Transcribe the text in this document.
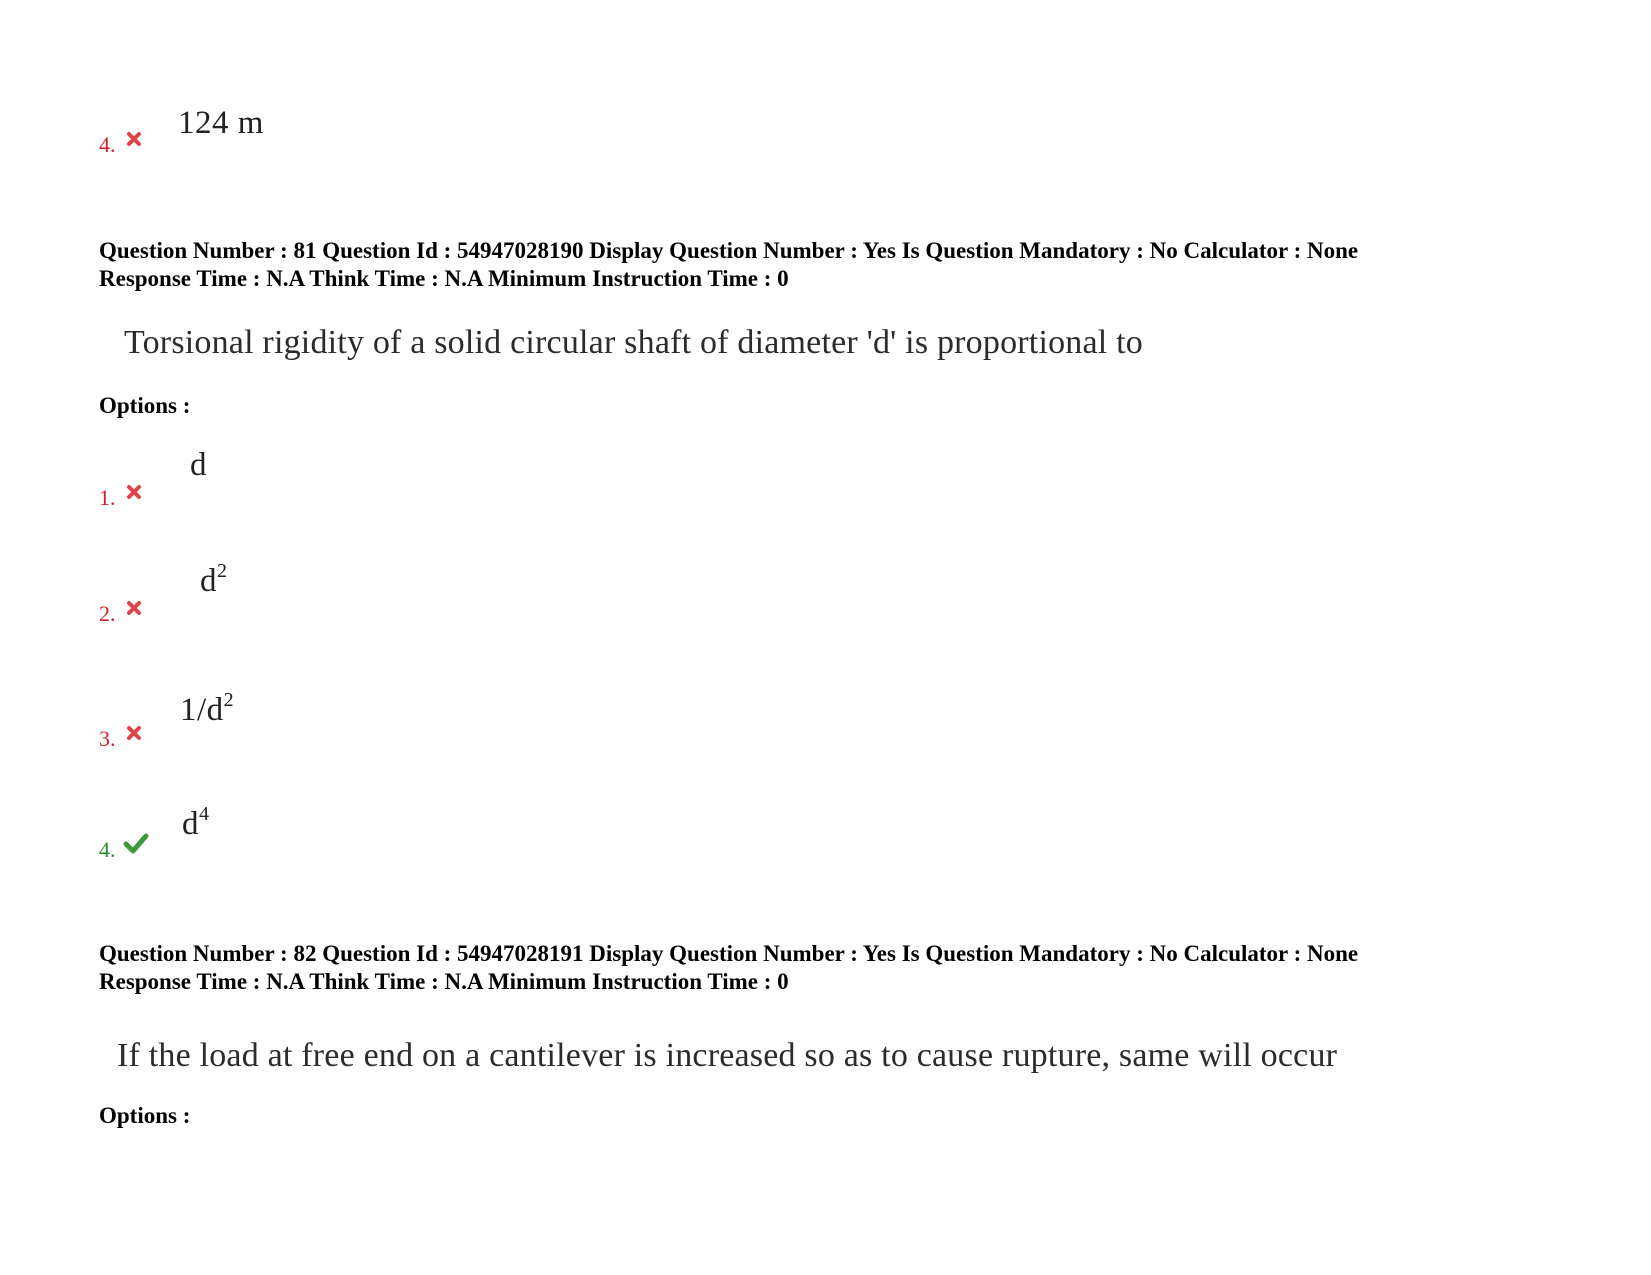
4.
124 m
Question Number : 81 Question Id : 54947028190 Display Question Number : Yes Is Question Mandatory : No Calculator : None
Response Time : N.A Think Time : N.A Minimum Instruction Time : 0
Torsional rigidity of a solid circular shaft of diameter 'd' is proportional to
Options :
1.
d
2.
$d^2$
3.
$1/d^2$
4.
$d^4$
Question Number : 82 Question Id : 54947028191 Display Question Number : Yes Is Question Mandatory : No Calculator : None
Response Time : N.A Think Time : N.A Minimum Instruction Time : 0
If the load at free end on a cantilever is increased so as to cause rupture, same will occur
Options :
